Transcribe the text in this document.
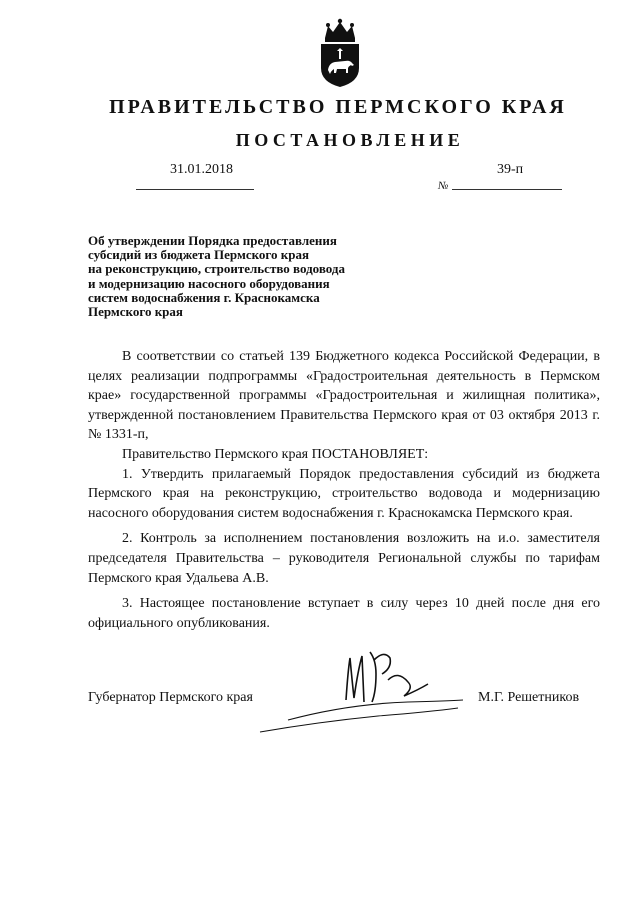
ПРАВИТЕЛЬСТВО ПЕРМСКОГО КРАЯ
ПОСТАНОВЛЕНИЕ
31.01.2018
№
39-п
Об утверждении Порядка предоставления
субсидий из бюджета Пермского края
на реконструкцию, строительство водовода
и модернизацию насосного оборудования
систем водоснабжения г. Краснокамска
Пермского края

В соответствии со статьей 139 Бюджетного кодекса Российской Федерации, в целях реализации подпрограммы «Градостроительная деятельность в Пермском крае» государственной программы «Градостроительная и жилищная политика», утвержденной постановлением Правительства Пермского края от 03 октября 2013 г. № 1331-п,

Правительство Пермского края ПОСТАНОВЛЯЕТ:

1. Утвердить прилагаемый Порядок предоставления субсидий из бюджета Пермского края на реконструкцию, строительство водовода и модернизацию насосного оборудования систем водоснабжения г. Краснокамска Пермского края.

2. Контроль за исполнением постановления возложить на и.о. заместителя председателя Правительства – руководителя Региональной службы по тарифам Пермского края Удальева А.В.

3. Настоящее постановление вступает в силу через 10 дней после дня его официального опубликования.

Губернатор Пермского края	М.Г. Решетников
